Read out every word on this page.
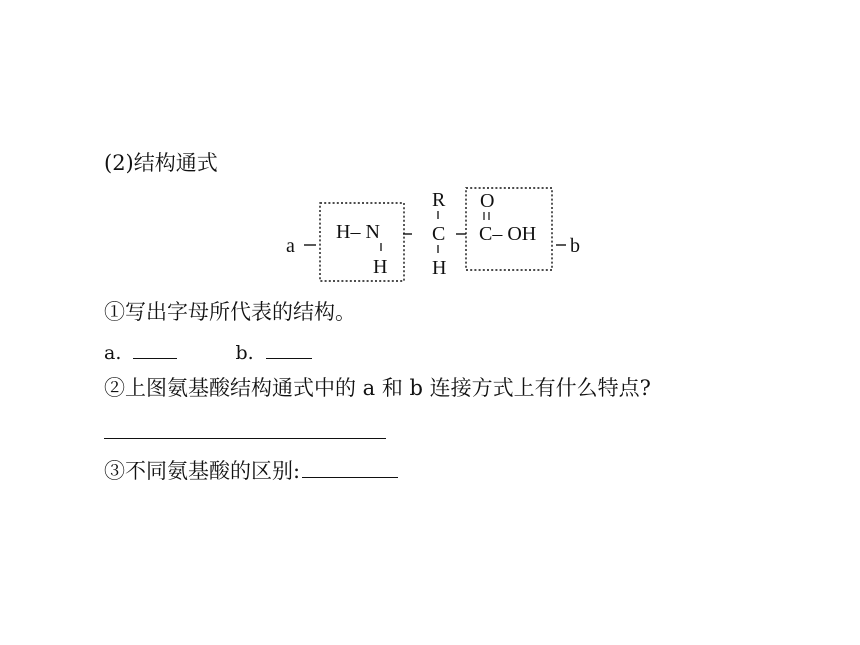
(2)结构通式
a
H– N
H
R
C
H
O
C– OH
b
①写出字母所代表的结构。
a.	b.
②上图氨基酸结构通式中的 a 和 b 连接方式上有什么特点?
③不同氨基酸的区别:
